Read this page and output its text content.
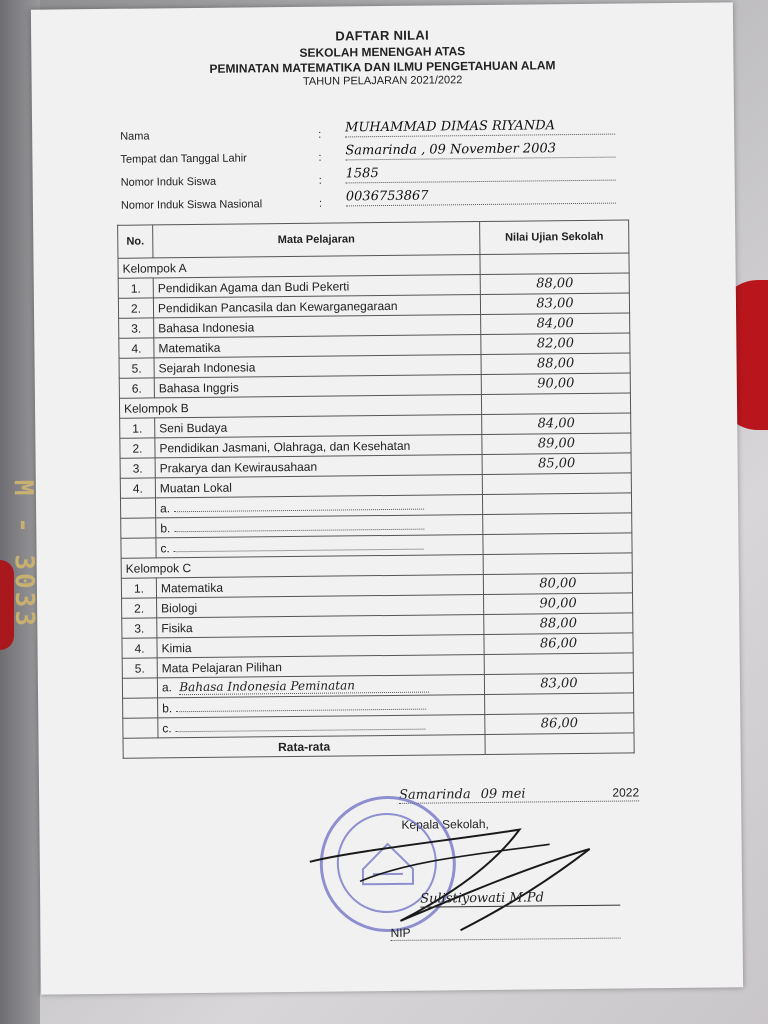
DAFTAR NILAI
SEKOLAH MENENGAH ATAS
PEMINATAN MATEMATIKA DAN ILMU PENGETAHUAN ALAM
TAHUN PELAJARAN 2021/2022
M - 3033
Nama	: MUHAMMAD DIMAS RIYANDA
Tempat dan Tanggal Lahir	: Samarinda , 09 November 2003
Nomor Induk Siswa	: 1585
Nomor Induk Siswa Nasional	: 0036753867
No.	Mata Pelajaran	Nilai Ujian Sekolah
Kelompok A		
1.	Pendidikan Agama dan Budi Pekerti	88,00
2.	Pendidikan Pancasila dan Kewarganegaraan	83,00
3.	Bahasa Indonesia	84,00
4.	Matematika	82,00
5.	Sejarah Indonesia	88,00
6.	Bahasa Inggris	90,00
Kelompok B		
1.	Seni Budaya	84,00
2.	Pendidikan Jasmani, Olahraga, dan Kesehatan	89,00
3.	Prakarya dan Kewirausahaan	85,00
4.	Muatan Lokal	
	a.	
	b.	
	c.	
Kelompok C		
1.	Matematika	80,00
2.	Biologi	90,00
3.	Fisika	88,00
4.	Kimia	86,00
5.	Mata Pelajaran Pilihan	
	a. Bahasa Indonesia Peminatan	83,00
	b.	
	c.	86,00
Rata-rata		
Samarinda 09 mei	2022
Kepala Sekolah,
Sulistiyowati M.Pd
NIP
